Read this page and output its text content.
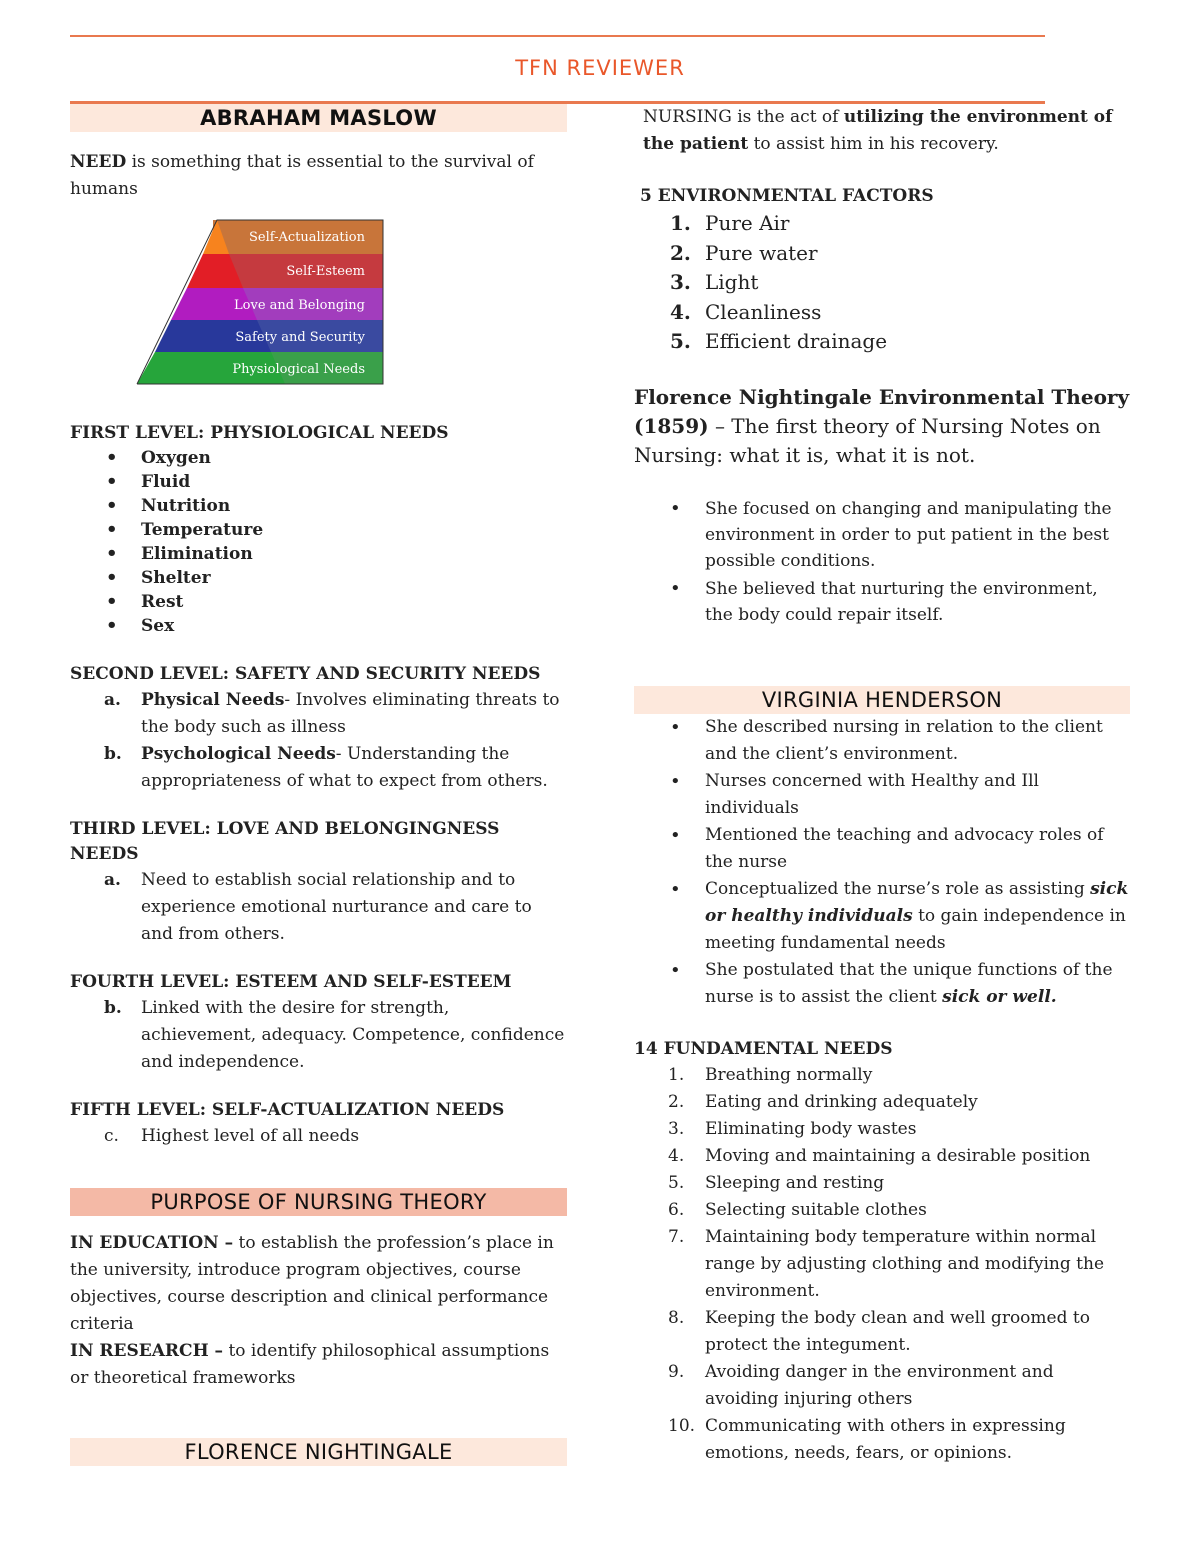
TFN REVIEWER
ABRAHAM MASLOW

NEED is something that is essential to the survival of humans

Self-Actualization
Self-Esteem
Love and Belonging
Safety and Security
Physiological Needs
FIRST LEVEL: PHYSIOLOGICAL NEEDS
• Oxygen
• Fluid
• Nutrition
• Temperature
• Elimination
• Shelter
• Rest
• Sex
SECOND LEVEL: SAFETY AND SECURITY NEEDS
a. Physical Needs- Involves eliminating threats to the body such as illness
b. Psychological Needs- Understanding the appropriateness of what to expect from others.
THIRD LEVEL: LOVE AND BELONGINGNESS NEEDS
a. Need to establish social relationship and to experience emotional nurturance and care to and from others.
FOURTH LEVEL: ESTEEM AND SELF-ESTEEM
b. Linked with the desire for strength, achievement, adequacy. Competence, confidence and independence.
FIFTH LEVEL: SELF-ACTUALIZATION NEEDS
c. Highest level of all needs
PURPOSE OF NURSING THEORY

IN EDUCATION – to establish the profession’s place in the university, introduce program objectives, course objectives, course description and clinical performance criteria

IN RESEARCH – to identify philosophical assumptions or theoretical frameworks

FLORENCE NIGHTINGALE

NURSING is the act of utilizing the environment of the patient to assist him in his recovery.

5 ENVIRONMENTAL FACTORS
1. Pure Air
2. Pure water
3. Light
4. Cleanliness
5. Efficient drainage

Florence Nightingale Environmental Theory (1859) – The first theory of Nursing Notes on Nursing: what it is, what it is not.

• She focused on changing and manipulating the environment in order to put patient in the best possible conditions.
• She believed that nurturing the environment, the body could repair itself.
VIRGINIA HENDERSON
• She described nursing in relation to the client and the client’s environment.
• Nurses concerned with Healthy and Ill individuals
• Mentioned the teaching and advocacy roles of the nurse
• Conceptualized the nurse’s role as assisting sick or healthy individuals to gain independence in meeting fundamental needs
• She postulated that the unique functions of the nurse is to assist the client sick or well.
14 FUNDAMENTAL NEEDS
1. Breathing normally
2. Eating and drinking adequately
3. Eliminating body wastes
4. Moving and maintaining a desirable position
5. Sleeping and resting
6. Selecting suitable clothes
7. Maintaining body temperature within normal range by adjusting clothing and modifying the environment.
8. Keeping the body clean and well groomed to protect the integument.
9. Avoiding danger in the environment and avoiding injuring others
10. Communicating with others in expressing emotions, needs, fears, or opinions.
